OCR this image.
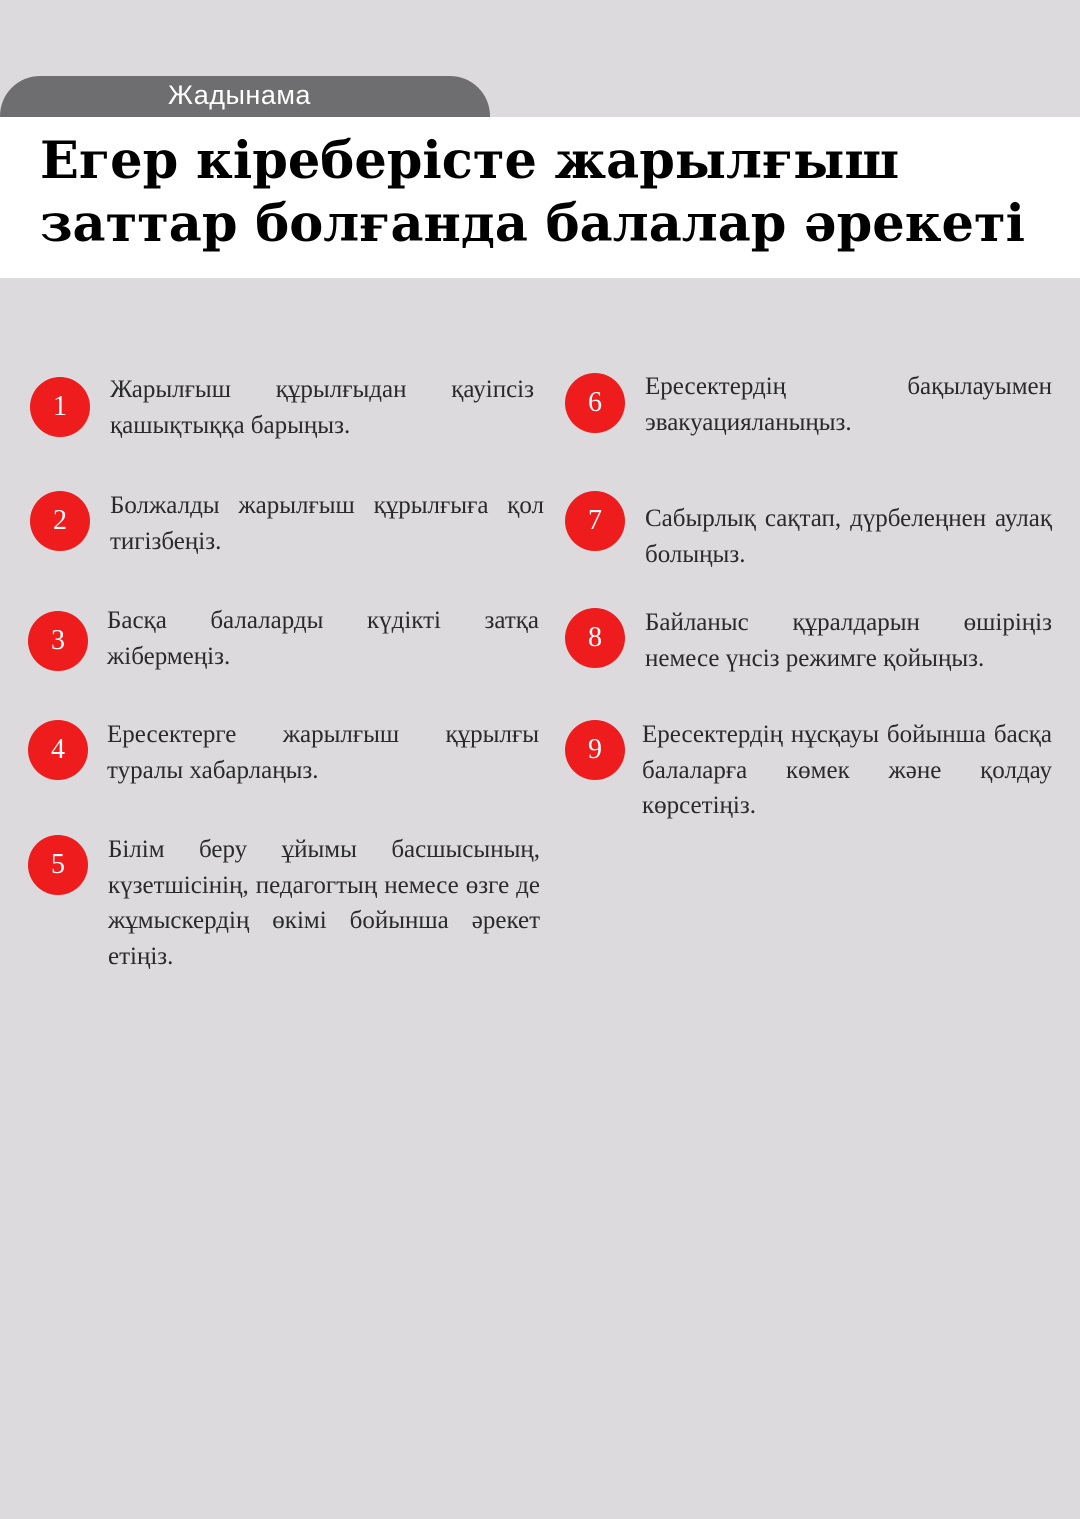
Жадынама
Егер кіреберісте жарылғыш заттар болғанда балалар әрекеті
1

Жарылғыш құрылғыдан қауіпсіз қашықтыққа барыңыз.

2	Болжалды жарылғыш құрылғыға қол тигізбеңіз.

3

Басқа балаларды күдікті затқа жібермеңіз.

4	Ересектерге жарылғыш құрылғы туралы хабарлаңыз.

5	Білім беру ұйымы басшысының, күзетшісінің, педагогтың немесе өзге де жұмыскердің өкімі бойынша әрекет етіңіз.

6

Ересектердің бақылауымен эвакуацияланыңыз.

7	Сабырлық сақтап, дүрбелеңнен аулақ болыңыз.

8	Байланыс құралдарын өшіріңіз немесе үнсіз режимге қойыңыз.

9	Ересектердің нұсқауы бойынша басқа балаларға көмек және қолдау көрсетіңіз.
